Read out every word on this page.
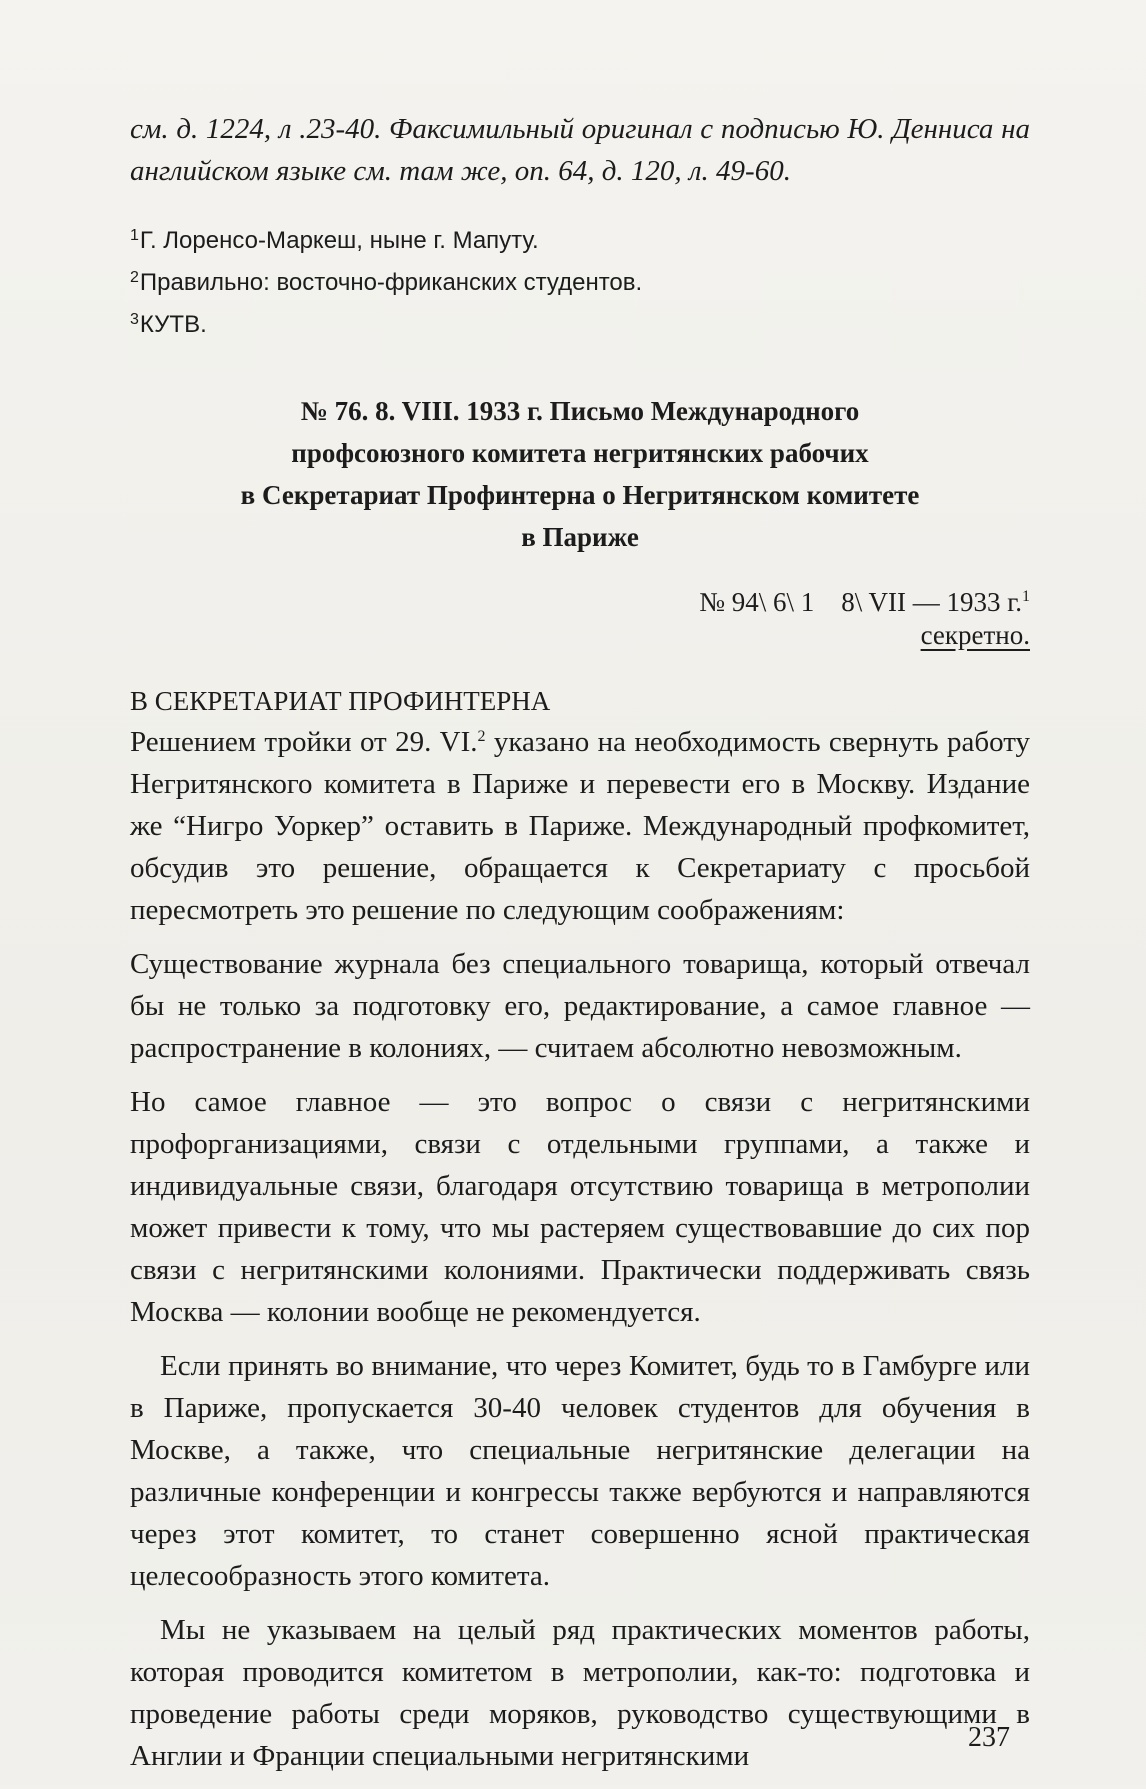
см. д. 1224, л .23-40. Факсимильный оригинал с подписью Ю. Денниса на английском языке см. там же, оп. 64, д. 120, л. 49-60.
$^1$Г. Лоренсо-Маркеш, ныне г. Мапуту.
$^2$Правильно: восточно-фриканских студентов.
$^3$КУТВ.
№ 76. 8. VIII. 1933 г. Письмо Международного
профсоюзного комитета негритянских рабочих
в Секретариат Профинтерна о Негритянском комитете
в Париже
№ 94\ 6\ 1    8\ VII — 1933 г.$^1$
секретно.
В СЕКРЕТАРИАТ ПРОФИНТЕРНА

Решением тройки от 29. VI.$^2$ указано на необходимость свернуть работу Негритянского комитета в Париже и перевести его в Москву. Издание же “Нигро Уоркер” оставить в Париже. Международный профкомитет, обсудив это решение, обращается к Секретариату с просьбой пересмотреть это решение по следующим соображениям:

Существование журнала без специального товарища, который отвечал бы не только за подготовку его, редактирование, а самое главное — распространение в колониях, — считаем абсолютно невозможным.

Но самое главное — это вопрос о связи с негритянскими профорганизациями, связи с отдельными группами, а также и индивидуальные связи, благодаря отсутствию товарища в метрополии может привести к тому, что мы растеряем существовавшие до сих пор связи с негритянскими колониями. Практически поддерживать связь Москва — колонии вообще не рекомендуется.

Если принять во внимание, что через Комитет, будь то в Гамбурге или в Париже, пропускается 30-40 человек студентов для обучения в Москве, а также, что специальные негритянские делегации на различные конференции и конгрессы также вербуются и направляются через этот комитет, то станет совершенно ясной практическая целесообразность этого комитета.

Мы не указываем на целый ряд практических моментов работы, которая проводится комитетом в метрополии, как-то: подготовка и проведение работы среди моряков, руководство существующими в Англии и Франции специальными негритянскими

237
